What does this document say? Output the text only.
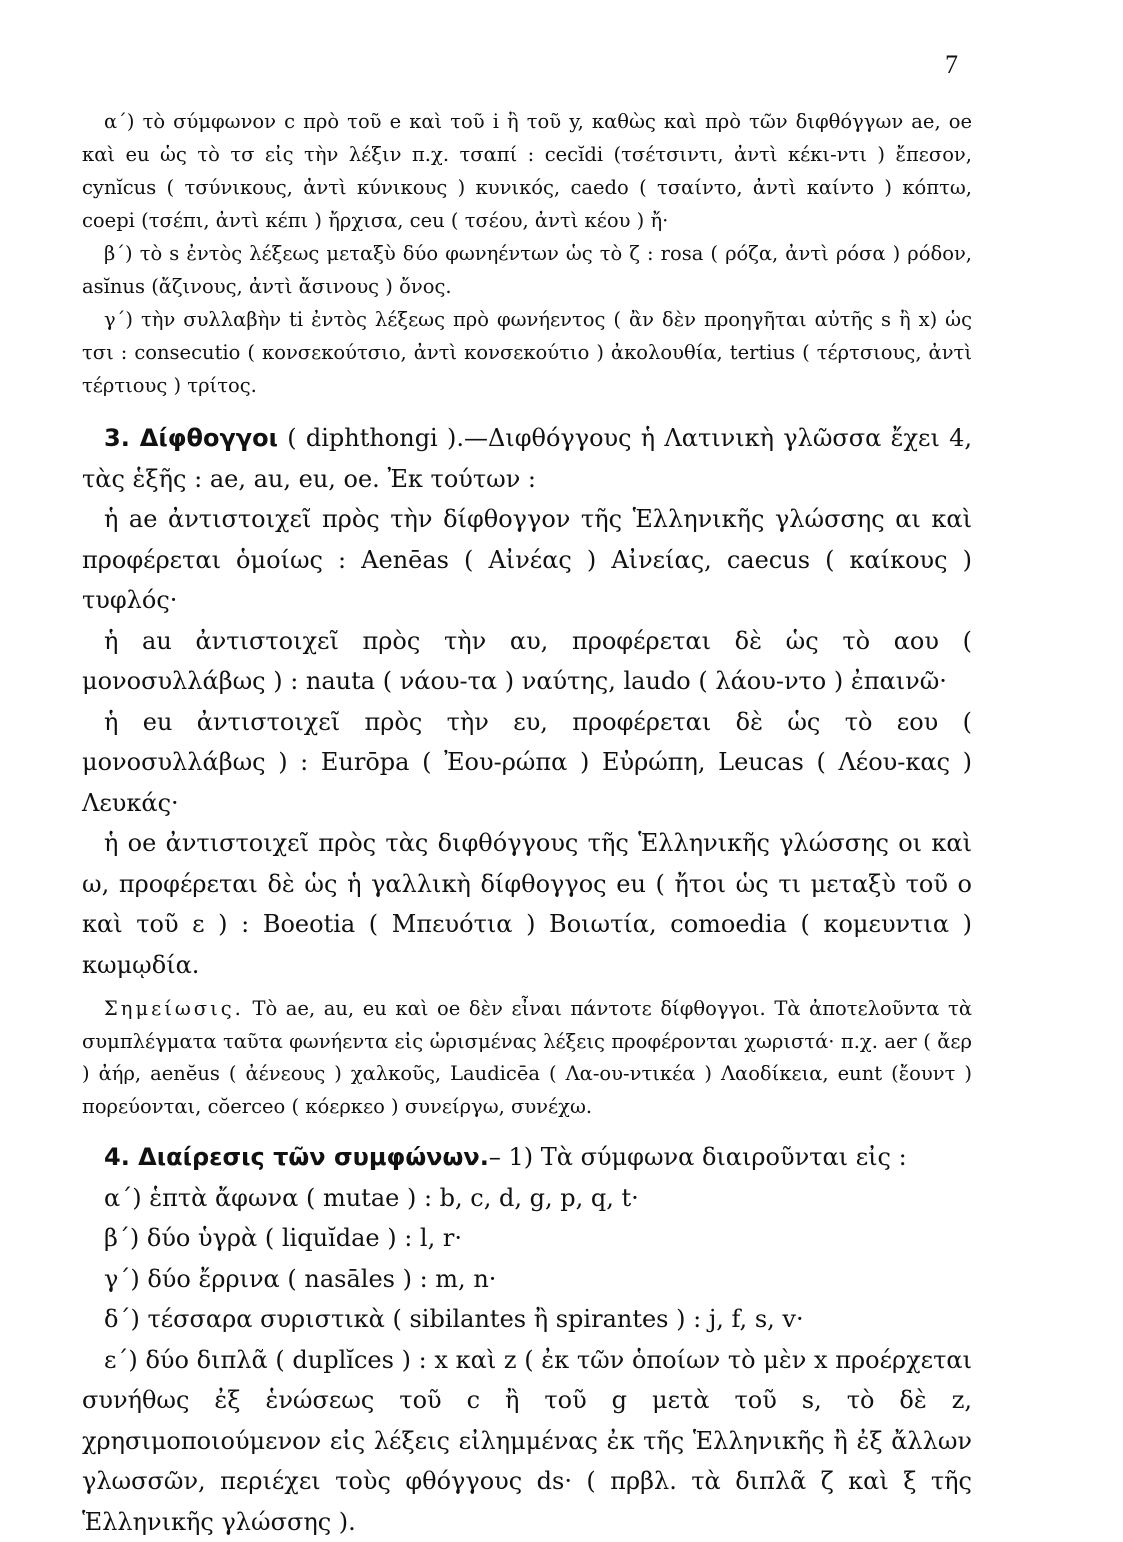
7

α΄) τὸ σύμφωνον c πρὸ τοῦ e καὶ τοῦ i ἢ τοῦ y, καθὼς καὶ πρὸ τῶν διφθόγγων ae, oe καὶ eu ὡς τὸ τσ εἰς τὴν λέξιν π.χ. τσαπί : cecĭdi (τσέτσιντι, ἀντὶ κέκι-ντι ) ἔπεσον, cynĭcus ( τσύνικους, ἀντὶ κύνικους ) κυνικός, caedo ( τσαίντο, ἀντὶ καίντο ) κόπτω, coepi (τσέπι, ἀντὶ κέπι ) ἤρχισα, ceu ( τσέου, ἀντὶ κέου ) ἤ·

β΄) τὸ s ἐντὸς λέξεως μεταξὺ δύο φωνηέντων ὡς τὸ ζ : rosa ( ρόζα, ἀντὶ ρόσα ) ρόδον, asĭnus (ἄζινους, ἀντὶ ἄσινους ) ὄνος.

γ΄) τὴν συλλαβὴν ti ἐντὸς λέξεως πρὸ φωνήεντος ( ἂν δὲν προηγῆται αὐτῆς s ἢ x) ὡς τσι : consecutio ( κονσεκούτσιο, ἀντὶ κονσεκούτιο ) ἀκολουθία, tertius ( τέρτσιους, ἀντὶ τέρτιους ) τρίτος.

3. Δίφθογγοι ( diphthongi ).—Διφθόγγους ἡ Λατινικὴ γλῶσσα ἔχει 4, τὰς ἑξῆς : ae, au, eu, oe. Ἐκ τούτων :

ἡ ae ἀντιστοιχεῖ πρὸς τὴν δίφθογγον τῆς Ἑλληνικῆς γλώσσης αι καὶ προφέρεται ὁμοίως : Aenēas ( Αἰνέας ) Αἰνείας, caecus ( καίκους ) τυφλός·

ἡ au ἀντιστοιχεῖ πρὸς τὴν αυ, προφέρεται δὲ ὡς τὸ αου ( μονοσυλλάβως ) : nauta ( νάου-τα ) ναύτης, laudo ( λάου-ντο ) ἐπαινῶ·

ἡ eu ἀντιστοιχεῖ πρὸς τὴν ευ, προφέρεται δὲ ὡς τὸ εου ( μονοσυλλάβως ) : Eurōpa ( Ἐου-ρώπα ) Εὐρώπη, Leucas ( Λέου-κας ) Λευκάς·

ἡ oe ἀντιστοιχεῖ πρὸς τὰς διφθόγγους τῆς Ἑλληνικῆς γλώσσης οι καὶ ω, προφέρεται δὲ ὡς ἡ γαλλικὴ δίφθογγος eu ( ἤτοι ὡς τι μεταξὺ τοῦ ο καὶ τοῦ ε ) : Boeotia ( Μπευότια ) Βοιωτία, comoedia ( κομευντια ) κωμῳδία.

Σημείωσις. Τὸ ae, au, eu καὶ oe δὲν εἶναι πάντοτε δίφθογγοι. Τὰ ἀποτελοῦντα τὰ συμπλέγματα ταῦτα φωνήεντα εἰς ὡρισμένας λέξεις προφέρονται χωριστά· π.χ. aer ( ἄερ ) ἀήρ, aenĕus ( ἀένεους ) χαλκοῦς, Laudicēa ( Λα-ου-ντικέα ) Λαοδίκεια, eunt (ἔουντ ) πορεύονται, cŏerceo ( κόερκεο ) συνείργω, συνέχω.

4. Διαίρεσις τῶν συμφώνων.– 1) Τὰ σύμφωνα διαιροῦνται εἰς :

α΄) ἑπτὰ ἄφωνα ( mutae ) : b, c, d, g, p, q, t·

β΄) δύο ὑγρὰ ( liquĭdae ) : l, r·

γ΄) δύο ἔρρινα ( nasāles ) : m, n·

δ΄) τέσσαρα συριστικὰ ( sibilantes ἢ spirantes ) : j, f, s, v·

ε΄) δύο διπλᾶ ( duplĭces ) : x καὶ z ( ἐκ τῶν ὁποίων τὸ μὲν x προέρχεται συνήθως ἐξ ἑνώσεως τοῦ c ἢ τοῦ g μετὰ τοῦ s, τὸ δὲ z, χρησιμοποιούμενον εἰς λέξεις εἰλημμένας ἐκ τῆς Ἑλληνικῆς ἢ ἐξ ἄλλων γλωσσῶν, περιέχει τοὺς φθόγγους ds· ( πρβλ. τὰ διπλᾶ ζ καὶ ξ τῆς Ἑλληνικῆς γλώσσης ).
